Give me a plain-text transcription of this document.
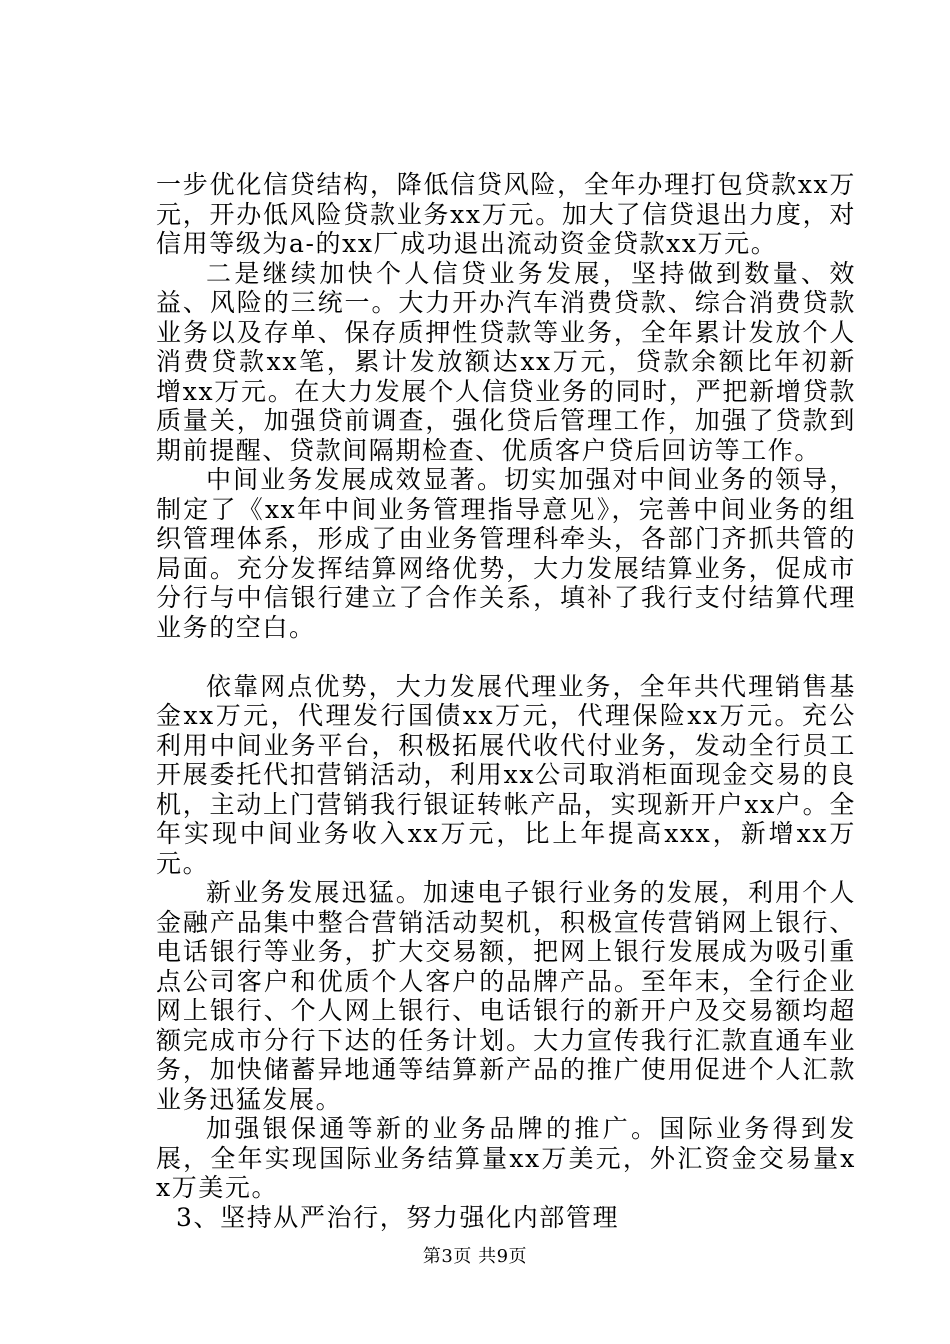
一步优化信贷结构，降低信贷风险，全年办理打包贷款xx万元，开办低风险贷款业务xx万元。加大了信贷退出力度，对信用等级为a-的xx厂成功退出流动资金贷款xx万元。

二是继续加快个人信贷业务发展，坚持做到数量、效益、风险的三统一。大力开办汽车消费贷款、综合消费贷款业务以及存单、保存质押性贷款等业务，全年累计发放个人消费贷款xx笔，累计发放额达xx万元，贷款余额比年初新增xx万元。在大力发展个人信贷业务的同时，严把新增贷款质量关，加强贷前调查，强化贷后管理工作，加强了贷款到期前提醒、贷款间隔期检查、优质客户贷后回访等工作。

中间业务发展成效显著。切实加强对中间业务的领导，制定了《xx年中间业务管理指导意见》，完善中间业务的组织管理体系，形成了由业务管理科牵头，各部门齐抓共管的局面。充分发挥结算网络优势，大力发展结算业务，促成市分行与中信银行建立了合作关系，填补了我行支付结算代理业务的空白。

依靠网点优势，大力发展代理业务，全年共代理销售基金xx万元，代理发行国债xx万元，代理保险xx万元。充公利用中间业务平台，积极拓展代收代付业务，发动全行员工开展委托代扣营销活动，利用xx公司取消柜面现金交易的良机，主动上门营销我行银证转帐产品，实现新开户xx户。全年实现中间业务收入xx万元，比上年提高xxx，新增xx万元。

新业务发展迅猛。加速电子银行业务的发展，利用个人金融产品集中整合营销活动契机，积极宣传营销网上银行、电话银行等业务，扩大交易额，把网上银行发展成为吸引重点公司客户和优质个人客户的品牌产品。至年末，全行企业网上银行、个人网上银行、电话银行的新开户及交易额均超额完成市分行下达的任务计划。大力宣传我行汇款直通车业务，加快储蓄异地通等结算新产品的推广使用促进个人汇款业务迅猛发展。

加强银保通等新的业务品牌的推广。国际业务得到发展，全年实现国际业务结算量xx万美元，外汇资金交易量xx万美元。

3、坚持从严治行，努力强化内部管理

第3页 共9页
